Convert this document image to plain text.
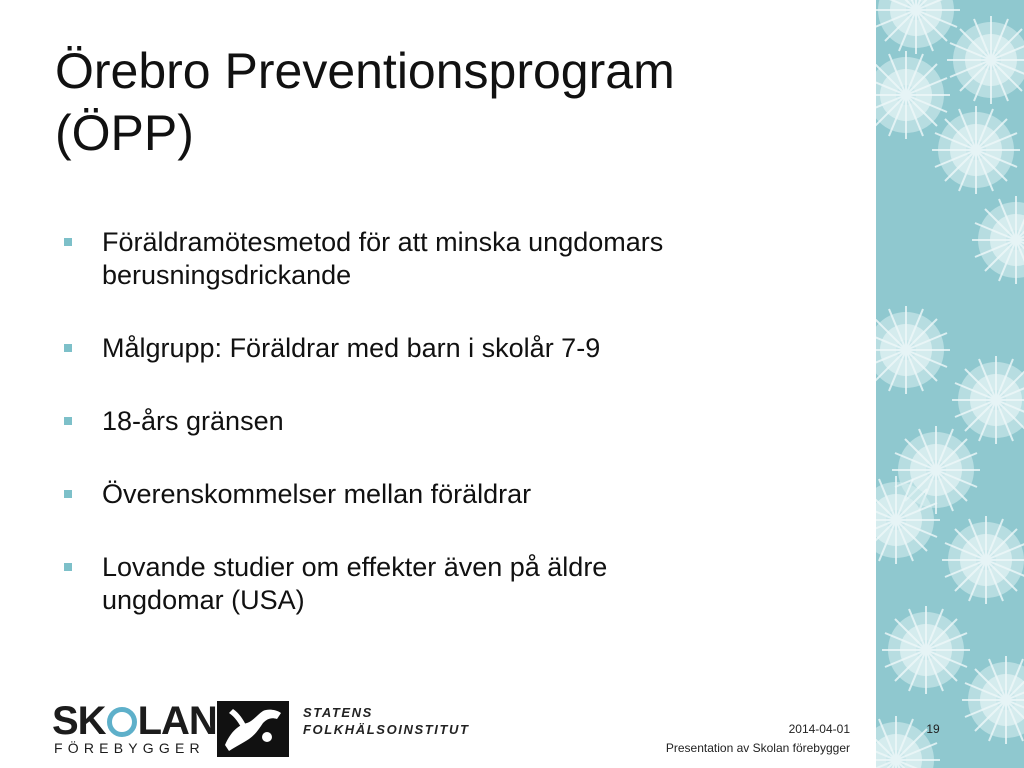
Örebro Preventionsprogram
(ÖPP)
Föräldramötesmetod för att minska ungdomars
berusningsdrickande
Målgrupp: Föräldrar med barn i skolår 7-9
18-års gränsen
Överenskommelser mellan föräldrar
Lovande studier om effekter även på äldre
ungdomar (USA)
SK LAN
FÖREBYGGER
STATENS
FOLKHÄLSOINSTITUT	2014-04-01
Presentation av Skolan förebygger
19
